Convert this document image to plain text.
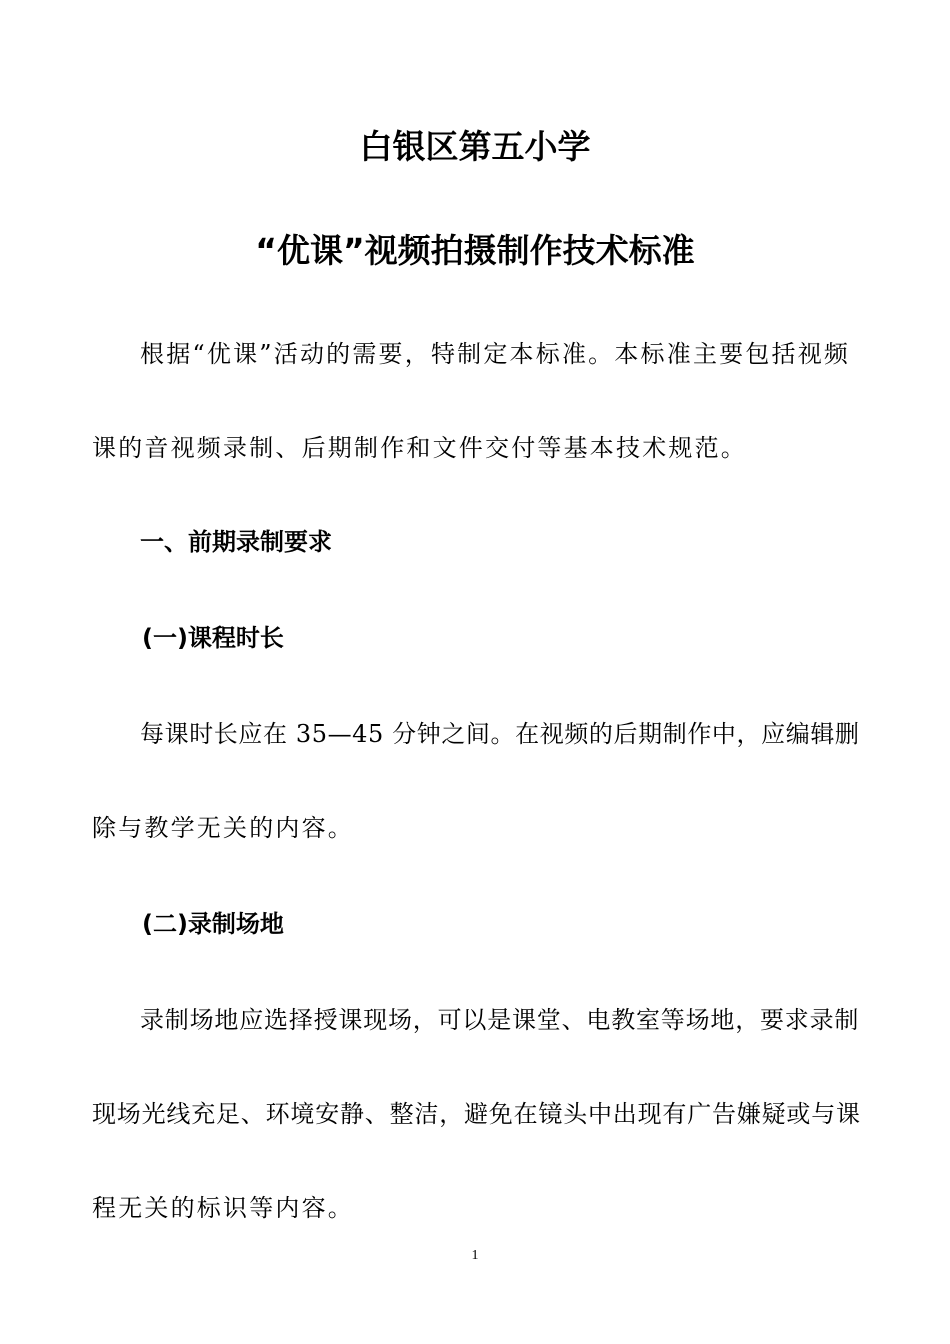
白银区第五小学
“优课”视频拍摄制作技术标准
根据“优课”活动的需要，特制定本标准。本标准主要包括视频
课的音视频录制、后期制作和文件交付等基本技术规范。
一、前期录制要求
(一)课程时长
每课时长应在 35—45 分钟之间。在视频的后期制作中，应编辑删
除与教学无关的内容。
(二)录制场地
录制场地应选择授课现场，可以是课堂、电教室等场地，要求录制
现场光线充足、环境安静、整洁，避免在镜头中出现有广告嫌疑或与课
程无关的标识等内容。
1
